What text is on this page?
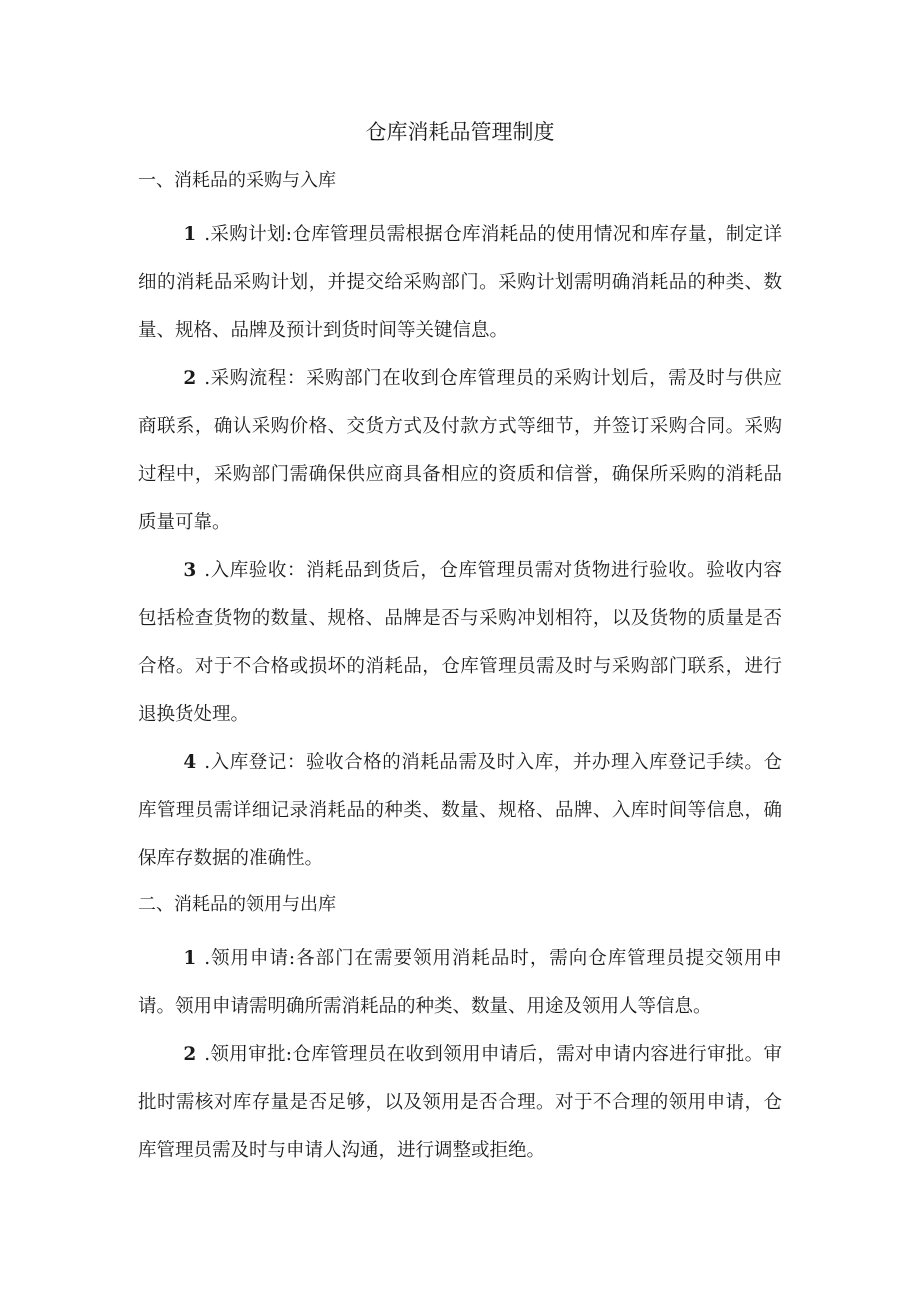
仓库消耗品管理制度
一、消耗品的采购与入库

1 .采购计划:仓库管理员需根据仓库消耗品的使用情况和库存量，制定详细的消耗品采购计划，并提交给采购部门。采购计划需明确消耗品的种类、数量、规格、品牌及预计到货时间等关键信息。

2 .采购流程：采购部门在收到仓库管理员的采购计划后，需及时与供应商联系，确认采购价格、交货方式及付款方式等细节，并签订采购合同。采购过程中，采购部门需确保供应商具备相应的资质和信誉，确保所采购的消耗品质量可靠。

3 .入库验收：消耗品到货后，仓库管理员需对货物进行验收。验收内容包括检查货物的数量、规格、品牌是否与采购冲划相符，以及货物的质量是否合格。对于不合格或损坏的消耗品，仓库管理员需及时与采购部门联系，进行退换货处理。

4 .入库登记：验收合格的消耗品需及时入库，并办理入库登记手续。仓库管理员需详细记录消耗品的种类、数量、规格、品牌、入库时间等信息，确保库存数据的准确性。

二、消耗品的领用与出库

1 .领用申请:各部门在需要领用消耗品时，需向仓库管理员提交领用申请。领用申请需明确所需消耗品的种类、数量、用途及领用人等信息。

2 .领用审批:仓库管理员在收到领用申请后，需对申请内容进行审批。审批时需核对库存量是否足够，以及领用是否合理。对于不合理的领用申请，仓库管理员需及时与申请人沟通，进行调整或拒绝。
